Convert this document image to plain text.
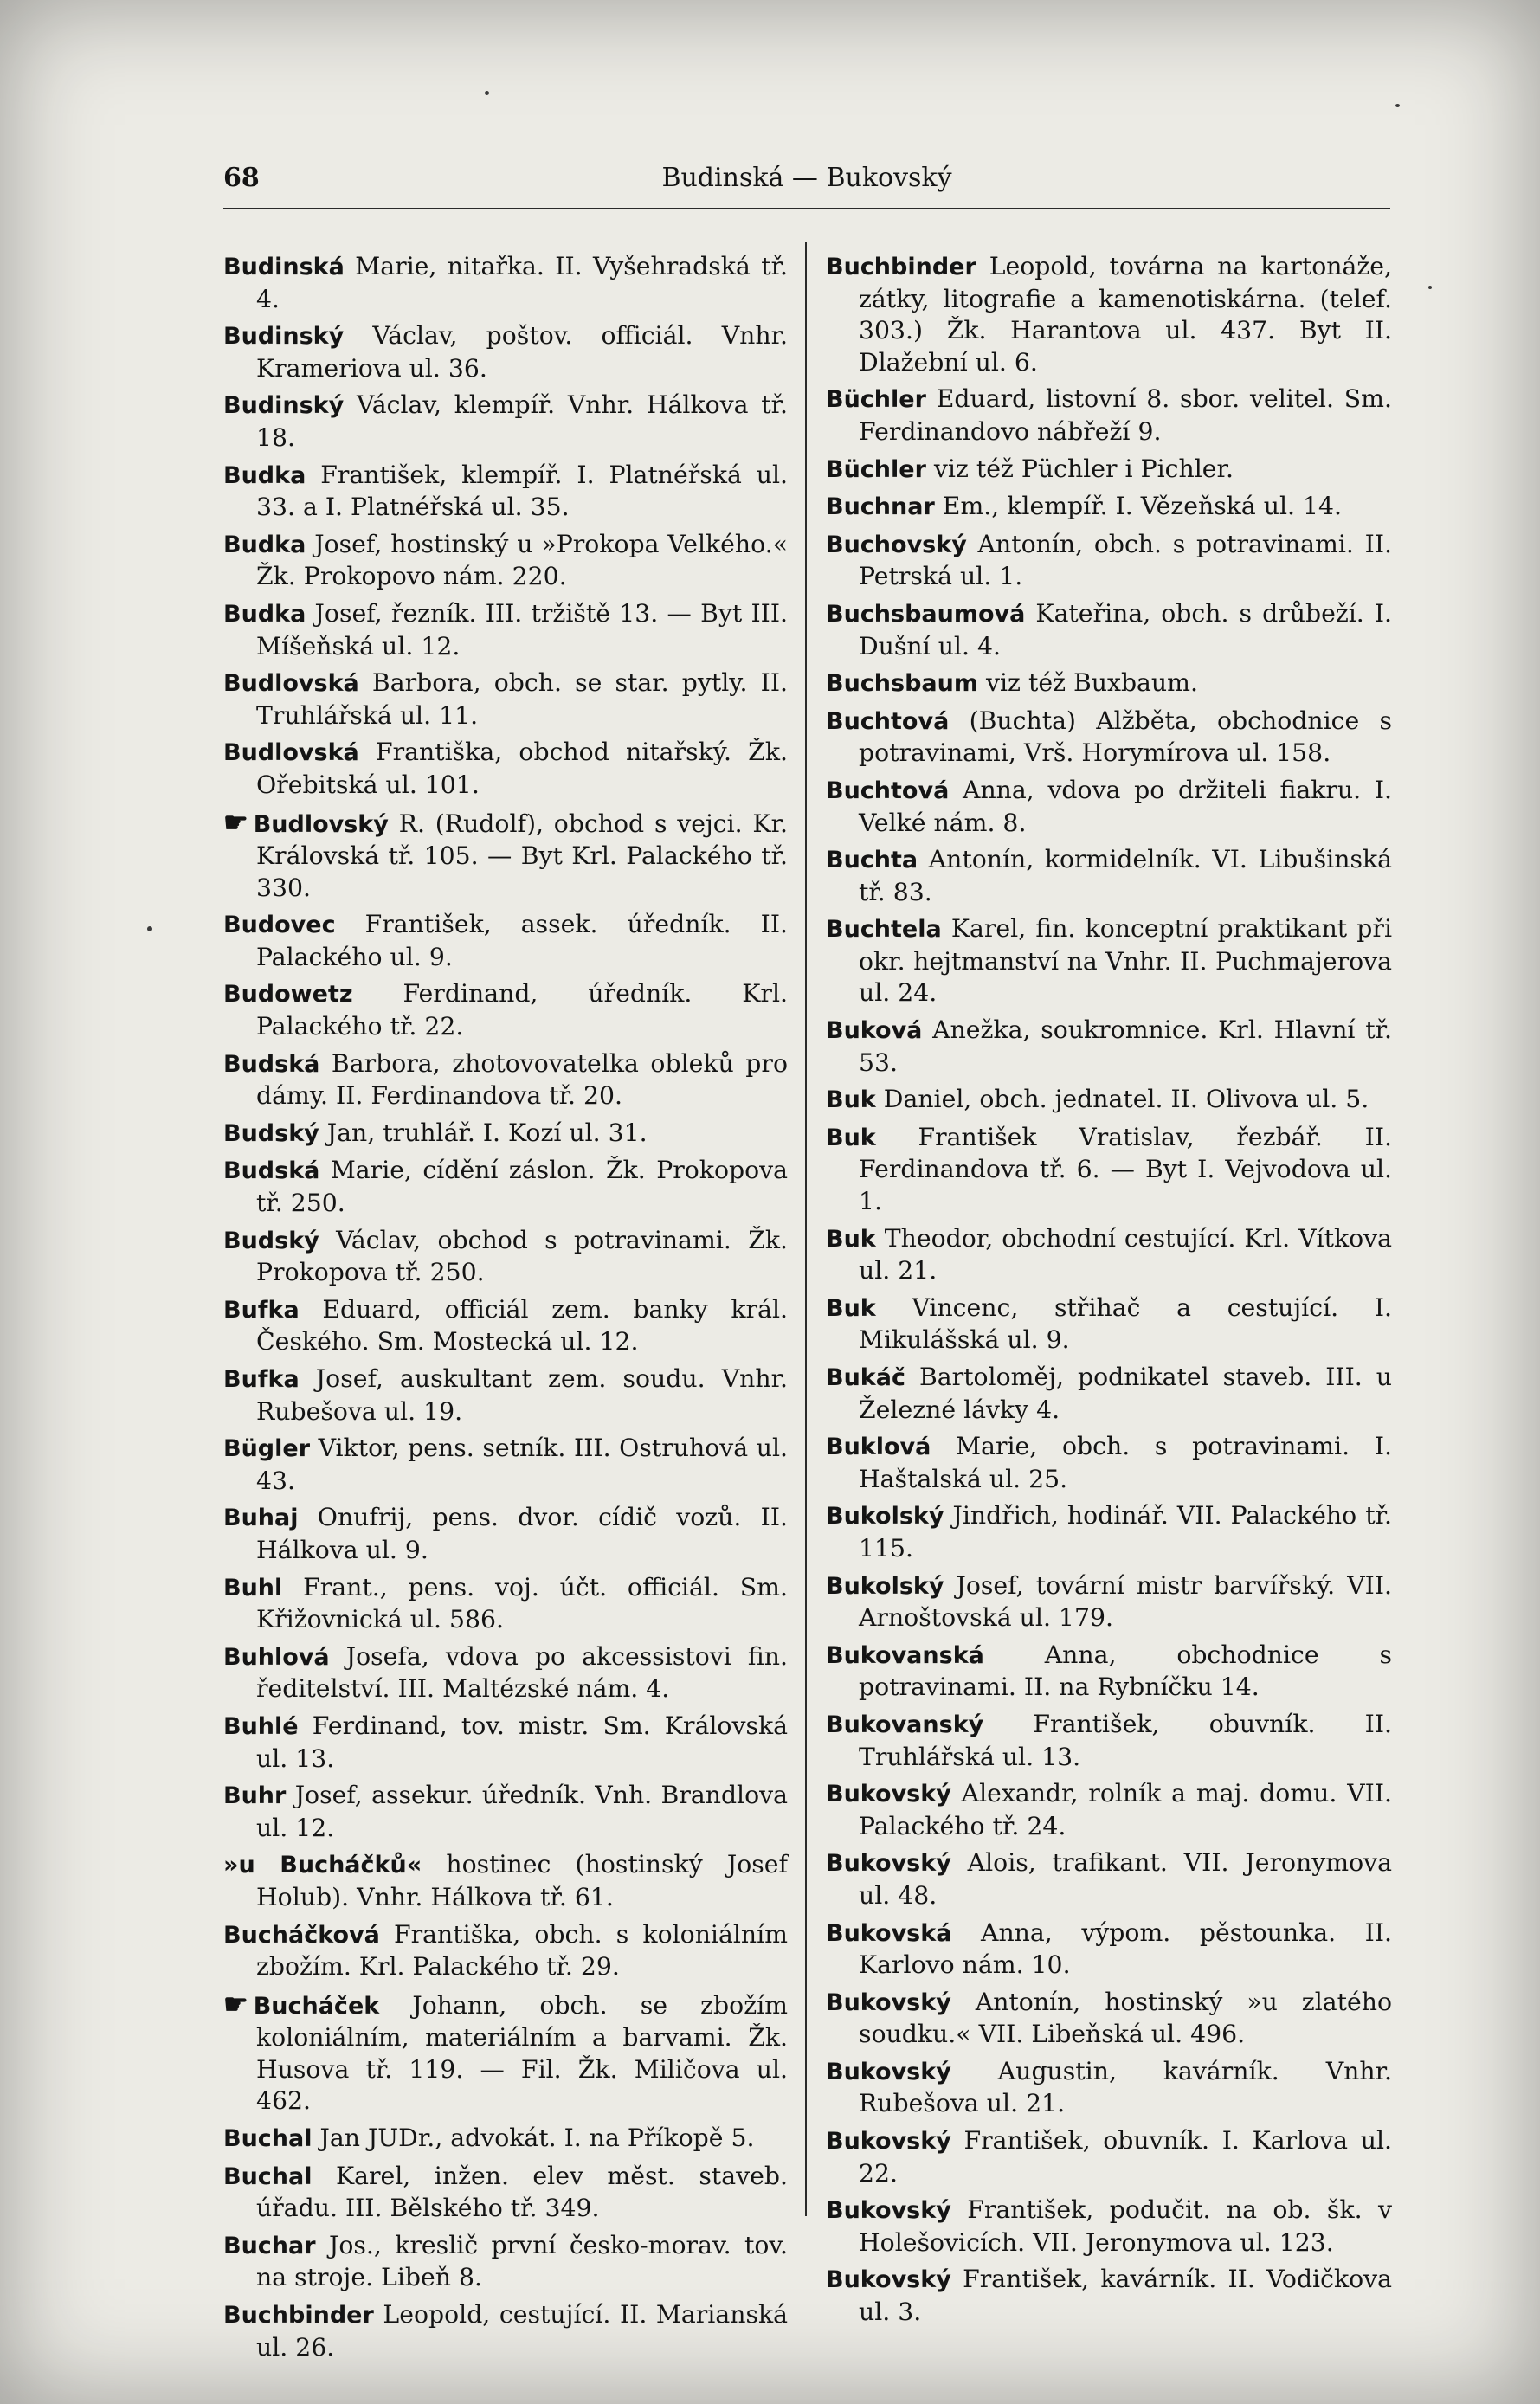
Budinská — Bukovský
68

Budinská Marie, nitařka. II. Vyšehradská tř. 4.

Budinský Václav, poštov. officiál. Vnhr. Krameriova ul. 36.

Budinský Václav, klempíř. Vnhr. Hálkova tř. 18.

Budka František, klempíř. I. Platnéřská ul. 33. a I. Platnéřská ul. 35.

Budka Josef, hostinský u »Prokopa Velkého.« Žk. Prokopovo nám. 220.

Budka Josef, řezník. III. tržiště 13. — Byt III. Míšeňská ul. 12.

Budlovská Barbora, obch. se star. pytly. II. Truhlářská ul. 11.

Budlovská Františka, obchod nitařský. Žk. Ořebitská ul. 101.

☛ Budlovský R. (Rudolf), obchod s vejci. Kr. Královská tř. 105. — Byt Krl. Palackého tř. 330.

Budovec František, assek. úředník. II. Palackého ul. 9.

Budowetz Ferdinand, úředník. Krl. Palackého tř. 22.

Budská Barbora, zhotovovatelka obleků pro dámy. II. Ferdinandova tř. 20.

Budský Jan, truhlář. I. Kozí ul. 31.

Budská Marie, cídění záslon. Žk. Prokopova tř. 250.

Budský Václav, obchod s potravinami. Žk. Prokopova tř. 250.

Bufka Eduard, officiál zem. banky král. Českého. Sm. Mostecká ul. 12.

Bufka Josef, auskultant zem. soudu. Vnhr. Rubešova ul. 19.

Bügler Viktor, pens. setník. III. Ostruhová ul. 43.

Buhaj Onufrij, pens. dvor. cídič vozů. II. Hálkova ul. 9.

Buhl Frant., pens. voj. účt. officiál. Sm. Křižovnická ul. 586.

Buhlová Josefa, vdova po akcessistovi fin. ředitelství. III. Maltézské nám. 4.

Buhlé Ferdinand, tov. mistr. Sm. Královská ul. 13.

Buhr Josef, assekur. úředník. Vnh. Brandlova ul. 12.

»u Bucháčků« hostinec (hostinský Josef Holub). Vnhr. Hálkova tř. 61.

Bucháčková Františka, obch. s koloniálním zbožím. Krl. Palackého tř. 29.

☛ Bucháček Johann, obch. se zbožím koloniálním, materiálním a barvami. Žk. Husova tř. 119. — Fil. Žk. Miličova ul. 462.

Buchal Jan JUDr., advokát. I. na Příkopě 5.

Buchal Karel, inžen. elev měst. staveb. úřadu. III. Bělského tř. 349.

Buchar Jos., kreslič první česko-morav. tov. na stroje. Libeň 8.

Buchbinder Leopold, cestující. II. Marianská ul. 26.

Buchbinder Leopold, továrna na kartonáže, zátky, litografie a kamenotiskárna. (telef. 303.) Žk. Harantova ul. 437. Byt II. Dlažební ul. 6.

Büchler Eduard, listovní 8. sbor. velitel. Sm. Ferdinandovo nábřeží 9.

Büchler viz též Püchler i Pichler.

Buchnar Em., klempíř. I. Vězeňská ul. 14.

Buchovský Antonín, obch. s potravinami. II. Petrská ul. 1.

Buchsbaumová Kateřina, obch. s drůbeží. I. Dušní ul. 4.

Buchsbaum viz též Buxbaum.

Buchtová (Buchta) Alžběta, obchodnice s potravinami, Vrš. Horymírova ul. 158.

Buchtová Anna, vdova po držiteli fiakru. I. Velké nám. 8.

Buchta Antonín, kormidelník. VI. Libušinská tř. 83.

Buchtela Karel, fin. konceptní praktikant při okr. hejtmanství na Vnhr. II. Puchmajerova ul. 24.

Buková Anežka, soukromnice. Krl. Hlavní tř. 53.

Buk Daniel, obch. jednatel. II. Olivova ul. 5.

Buk František Vratislav, řezbář. II. Ferdinandova tř. 6. — Byt I. Vejvodova ul. 1.

Buk Theodor, obchodní cestující. Krl. Vítkova ul. 21.

Buk Vincenc, střihač a cestující. I. Mikulášská ul. 9.

Bukáč Bartoloměj, podnikatel staveb. III. u Železné lávky 4.

Buklová Marie, obch. s potravinami. I. Haštalská ul. 25.

Bukolský Jindřich, hodinář. VII. Palackého tř. 115.

Bukolský Josef, tovární mistr barvířský. VII. Arnoštovská ul. 179.

Bukovanská Anna, obchodnice s potravinami. II. na Rybníčku 14.

Bukovanský František, obuvník. II. Truhlářská ul. 13.

Bukovský Alexandr, rolník a maj. domu. VII. Palackého tř. 24.

Bukovský Alois, trafikant. VII. Jeronymova ul. 48.

Bukovská Anna, výpom. pěstounka. II. Karlovo nám. 10.

Bukovský Antonín, hostinský »u zlatého soudku.« VII. Libeňská ul. 496.

Bukovský Augustin, kavárník. Vnhr. Rubešova ul. 21.

Bukovský František, obuvník. I. Karlova ul. 22.

Bukovský František, podučit. na ob. šk. v Holešovicích. VII. Jeronymova ul. 123.

Bukovský František, kavárník. II. Vodičkova ul. 3.
